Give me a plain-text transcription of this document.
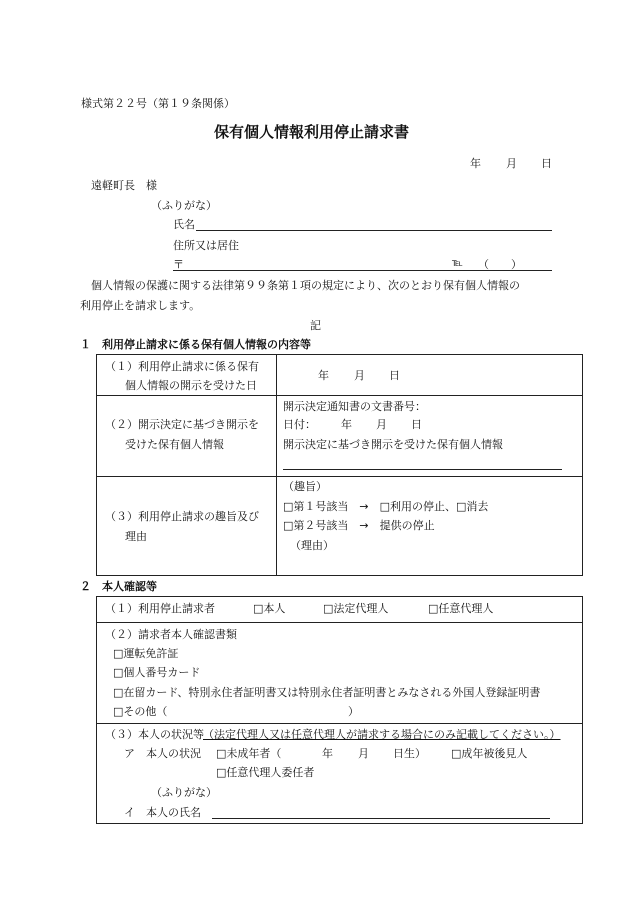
様式第２２号（第１９条関係）
保有個人情報利用停止請求書
年 月 日
遠軽町長　様
（ふりがな）
氏名
住所又は居住
〒	℡ （　　）
個人情報の保護に関する法律第９９条第１項の規定により、次のとおり保有個人情報の
利用停止を請求します。
記
１　利用停止請求に係る保有個人情報の内容等
（１）利用停止請求に係る保有
個人情報の開示を受けた日
年 月 日
（２）開示決定に基づき開示を
受けた保有個人情報
開示決定通知書の文書番号：
日付： 年 月 日
開示決定に基づき開示を受けた保有個人情報
（３）利用停止請求の趣旨及び
理由
（趣旨）
□第１号該当　→　□利用の停止、□消去
□第２号該当　→　提供の停止
（理由）
２　本人確認等
（１）利用停止請求者	□本人	□法定代理人	□任意代理人
（２）請求者本人確認書類
□運転免許証
□個人番号カード
□在留カード、特別永住者証明書又は特別永住者証明書とみなされる外国人登録証明書
□その他（	）
（３）本人の状況等 （法定代理人又は任意代理人が請求する場合にのみ記載してください。）
ア　本人の状況 □未成年者（	年 月 日生） □成年被後見人
□任意代理人委任者
（ふりがな）
イ　本人の氏名
